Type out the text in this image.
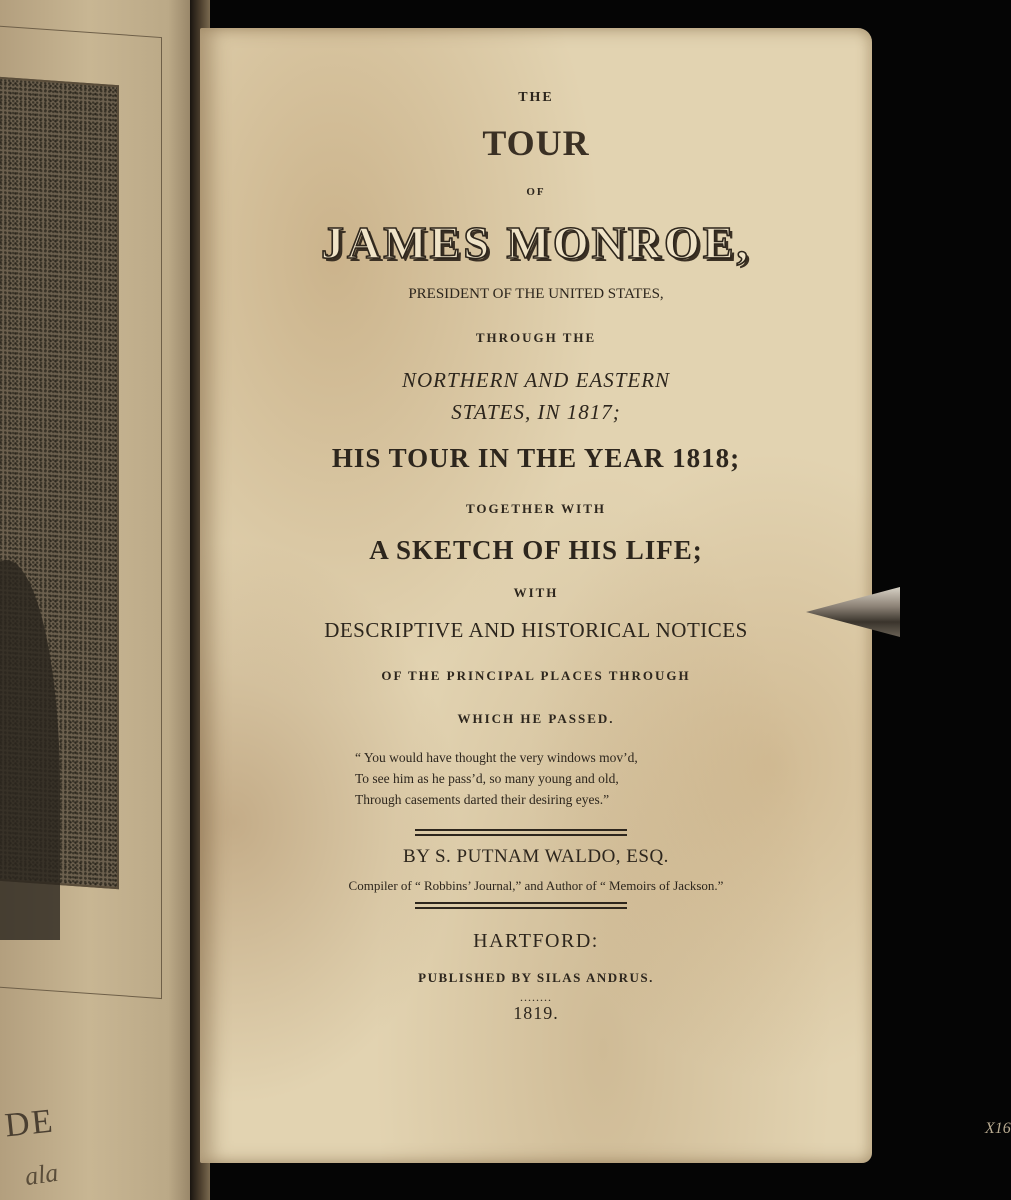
DE
ala
THE
TOUR
OF
JAMES MONROE,
PRESIDENT OF THE UNITED STATES,
THROUGH THE
NORTHERN AND EASTERN
STATES, IN 1817;
HIS TOUR IN THE YEAR 1818;
TOGETHER WITH
A SKETCH OF HIS LIFE;
WITH
DESCRIPTIVE AND HISTORICAL NOTICES
OF THE PRINCIPAL PLACES THROUGH
WHICH HE PASSED.
“ You would have thought the very windows mov’d,
To see him as he pass’d, so many young and old,
Through casements darted their desiring eyes.”
BY S. PUTNAM WALDO, ESQ.
Compiler of “ Robbins’ Journal,” and Author of “ Memoirs of Jackson.”
HARTFORD:
PUBLISHED BY SILAS ANDRUS.
........
1819.
X16
